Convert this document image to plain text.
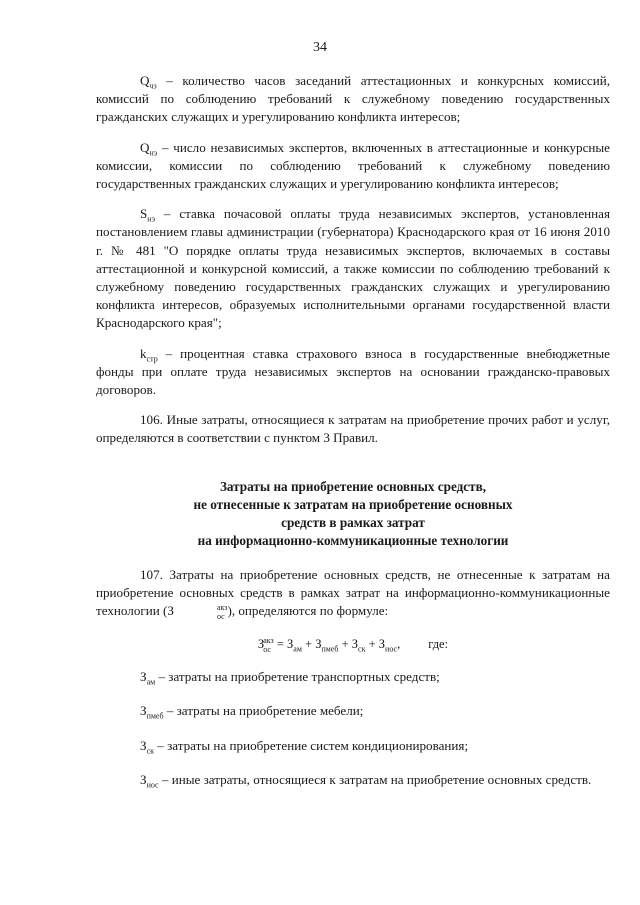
34

$Q_{чз}$ – количество часов заседаний аттестационных и конкурсных комиссий, комиссий по соблюдению требований к служебному поведению государственных гражданских служащих и урегулированию конфликта интересов;

$Q_{нэ}$ – число независимых экспертов, включенных в аттестационные и конкурсные комиссии, комиссии по соблюдению требований к служебному поведению государственных гражданских служащих и урегулированию конфликта интересов;

$S_{нэ}$ – ставка почасовой оплаты труда независимых экспертов, установленная постановлением главы администрации (губернатора) Краснодарского края от 16 июня 2010 г. № 481 "О порядке оплаты труда независимых экспертов, включаемых в составы аттестационной и конкурсной комиссий, а также комиссии по соблюдению требований к служебному поведению государственных гражданских служащих и урегулированию конфликта интересов, образуемых исполнительными органами государственной власти Краснодарского края";

$k_{стр}$ – процентная ставка страхового взноса в государственные внебюджетные фонды при оплате труда независимых экспертов на основании гражданско-правовых договоров.

106. Иные затраты, относящиеся к затратам на приобретение прочих работ и услуг, определяются в соответствии с пунктом 3 Правил.

Затраты на приобретение основных средств,
не отнесенные к затратам на приобретение основных
средств в рамках затрат
на информационно-коммуникационные технологии

107. Затраты на приобретение основных средств, не отнесенные к затратам на приобретение основных средств в рамках затрат на информационно-коммуникационные технологии (З	акз
ос ), определяются по формуле:

З акз
ос = $З_{ам} + З_{пмеб} + З_{ск} + З_{иос}$, где:

$З_{ам}$ – затраты на приобретение транспортных средств;

$З_{пмеб}$ – затраты на приобретение мебели;

$З_{ск}$ – затраты на приобретение систем кондиционирования;

$З_{иос}$ – иные затраты, относящиеся к затратам на приобретение основных средств.
